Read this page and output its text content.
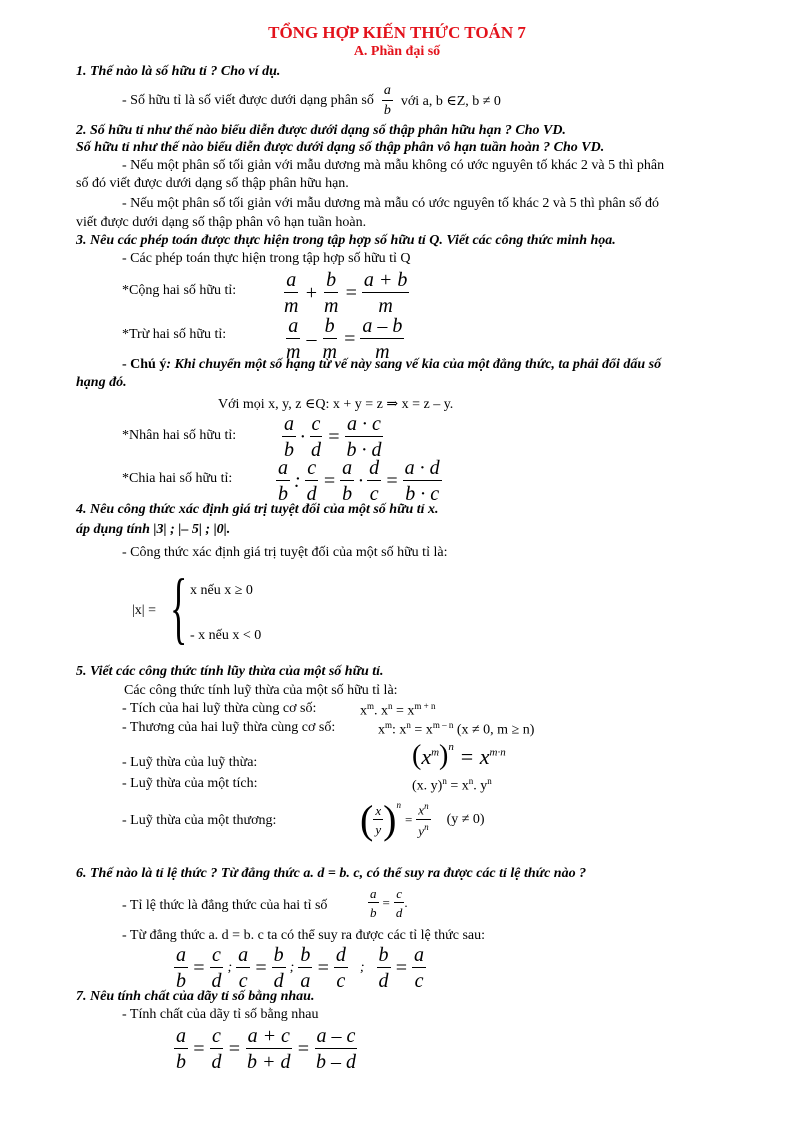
TỔNG HỢP KIẾN THỨC TOÁN 7
A. Phần đại số
1. Thế nào là số hữu tỉ ? Cho ví dụ.
- Số hữu tỉ là số viết được dưới dạng phân số $\frac{a}{b}$ với a, b ∈Z, b ≠ 0
2. Số hữu tỉ như thế nào biểu diễn được dưới dạng số thập phân hữu hạn ? Cho VD.
Số hữu tỉ như thế nào biểu diễn được dưới dạng số thập phân vô hạn tuần hoàn ? Cho VD.
- Nếu một phân số tối giản với mẫu dương mà mẫu không có ước nguyên tố khác 2 và 5 thì phân
số đó viết được dưới dạng số thập phân hữu hạn.
- Nếu một phân số tối giản với mẫu dương mà mẫu có ước nguyên tố khác 2 và 5 thì phân số đó
viết được dưới dạng số thập phân vô hạn tuần hoàn.
3. Nêu các phép toán được thực hiện trong tập hợp số hữu tỉ Q. Viết các công thức minh họa.
- Các phép toán thực hiện trong tập hợp số hữu tỉ Q
*Cộng hai số hữu tỉ: $\frac{a}{m} + \frac{b}{m} = \frac{a + b}{m}$
*Trừ hai số hữu tỉ:	$\frac{a}{m} - \frac{b}{m} = \frac{a - b}{m}$
- Chú ý: Khi chuyển một số hạng từ vế này sang vế kia của một đẳng thức, ta phải đổi dấu số
hạng đó.
Với mọi x, y, z ∈Q: x + y = z ⇒ x = z – y.
*Nhân hai số hữu tỉ: $\frac{a}{b} \cdot \frac{c}{d} = \frac{a \cdot c}{b \cdot d}$
*Chia hai số hữu tỉ: $\frac{a}{b}$ : $\frac{c}{d} = \frac{a}{b} \cdot \frac{d}{c} = \frac{a \cdot d}{b \cdot c}$
4. Nêu công thức xác định giá trị tuyệt đối của một số hữu tỉ x.
áp dụng tính |3| ; |– 5| ; |0|.
- Công thức xác định giá trị tuyệt đối của một số hữu tỉ là:
|x| = { x nếu x ≥ 0
- x nếu x < 0
5. Viết các công thức tính lũy thừa của một số hữu tỉ.
Các công thức tính luỹ thừa của một số hữu tỉ là:
- Tích của hai luỹ thừa cùng cơ số:	$x^m$. $x^n = x^{m + n}$
- Thương của hai luỹ thừa cùng cơ số:	$x^m$: $x^n = x^{m - n}$ (x ≠ 0, m ≥ n)
- Luỹ thừa của luỹ thừa:	$(x^m)^n = x^{m\cdot n}$
- Luỹ thừa của một tích:	(x. $y)^n = x^n$. $y^n$
- Luỹ thừa của một thương: ( $\frac{x}{y} )^n$
= $\frac{x^n}{y^n} (y \ne 0)$
6. Thế nào là tỉ lệ thức ? Từ đẳng thức a. d = b. c, có thể suy ra được các tỉ lệ thức nào ?
- Tỉ lệ thức là đẳng thức của hai tỉ số	$\frac{a}{b} = \frac{c}{d}$ .
- Từ đẳng thức a. d = b. c ta có thể suy ra được các tỉ lệ thức sau:
$\frac{a}{b} = \frac{c}{d}$ ; $\frac{a}{c} = \frac{b}{d}$ ; $\frac{b}{a} = \frac{d}{c}$ ; $\frac{b}{d} = \frac{a}{c}$
7. Nêu tính chất của dãy tỉ số bằng nhau.
- Tính chất của dãy tỉ số bằng nhau
$\frac{a}{b} = \frac{c}{d} = \frac{a + c}{b + d} = \frac{a - c}{b - d}$
